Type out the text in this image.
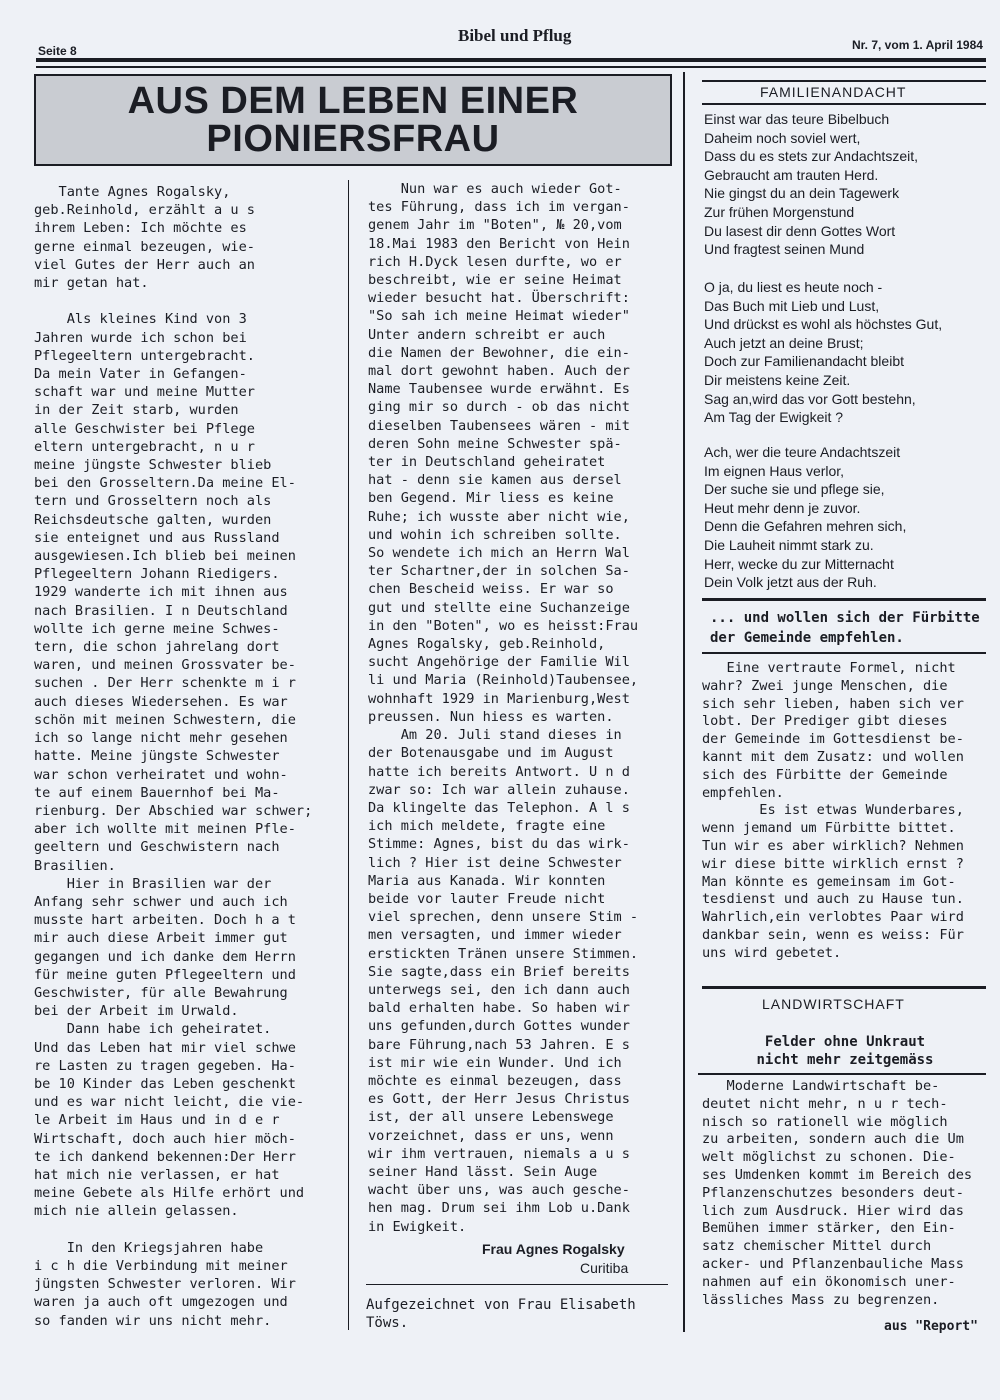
Seite 8
Bibel und Pflug	Nr. 7, vom 1. April 1984
AUS DEM LEBEN EINER
PIONIERSFRAU
Tante Agnes Rogalsky,
geb.Reinhold, erzählt a u s
ihrem Leben: Ich möchte es
gerne einmal bezeugen, wie-
viel Gutes der Herr auch an
mir getan hat.

Als kleines Kind von 3
Jahren wurde ich schon bei
Pflegeeltern untergebracht.
Da mein Vater in Gefangen-
schaft war und meine Mutter
in der Zeit starb, wurden
alle Geschwister bei Pflege
eltern untergebracht, n u r
meine jüngste Schwester blieb
bei den Grosseltern.Da meine El-
tern und Grosseltern noch als
Reichsdeutsche galten, wurden
sie enteignet und aus Russland
ausgewiesen.Ich blieb bei meinen
Pflegeeltern Johann Riedigers.
1929 wanderte ich mit ihnen aus
nach Brasilien. I n Deutschland
wollte ich gerne meine Schwes-
tern, die schon jahrelang dort
waren, und meinen Grossvater be-
suchen . Der Herr schenkte m i r
auch dieses Wiedersehen. Es war
schön mit meinen Schwestern, die
ich so lange nicht mehr gesehen
hatte. Meine jüngste Schwester
war schon verheiratet und wohn-
te auf einem Bauernhof bei Ma-
rienburg. Der Abschied war schwer;
aber ich wollte mit meinen Pfle-
geeltern und Geschwistern nach
Brasilien.
Hier in Brasilien war der
Anfang sehr schwer und auch ich
musste hart arbeiten. Doch h a t
mir auch diese Arbeit immer gut
gegangen und ich danke dem Herrn
für meine guten Pflegeeltern und
Geschwister, für alle Bewahrung
bei der Arbeit im Urwald.
Dann habe ich geheiratet.
Und das Leben hat mir viel schwe
re Lasten zu tragen gegeben. Ha-
be 10 Kinder das Leben geschenkt
und es war nicht leicht, die vie-
le Arbeit im Haus und in d e r
Wirtschaft, doch auch hier möch-
te ich dankend bekennen:Der Herr
hat mich nie verlassen, er hat
meine Gebete als Hilfe erhört und
mich nie allein gelassen.

In den Kriegsjahren habe
i c h die Verbindung mit meiner
jüngsten Schwester verloren. Wir
waren ja auch oft umgezogen und
so fanden wir uns nicht mehr.
Nun war es auch wieder Got-
tes Führung, dass ich im vergan-
genem Jahr im "Boten", № 20,vom
18.Mai 1983 den Bericht von Hein
rich H.Dyck lesen durfte, wo er
beschreibt, wie er seine Heimat
wieder besucht hat. Überschrift:
"So sah ich meine Heimat wieder"
Unter andern schreibt er auch
die Namen der Bewohner, die ein-
mal dort gewohnt haben. Auch der
Name Taubensee wurde erwähnt. Es
ging mir so durch - ob das nicht
dieselben Taubensees wären - mit
deren Sohn meine Schwester spä-
ter in Deutschland geheiratet
hat - denn sie kamen aus dersel
ben Gegend. Mir liess es keine
Ruhe; ich wusste aber nicht wie,
und wohin ich schreiben sollte.
So wendete ich mich an Herrn Wal
ter Schartner,der in solchen Sa-
chen Bescheid weiss. Er war so
gut und stellte eine Suchanzeige
in den "Boten", wo es heisst:Frau
Agnes Rogalsky, geb.Reinhold,
sucht Angehörige der Familie Wil
li und Maria (Reinhold)Taubensee,
wohnhaft 1929 in Marienburg,West
preussen. Nun hiess es warten.
Am 20. Juli stand dieses in
der Botenausgabe und im August
hatte ich bereits Antwort. U n d
zwar so: Ich war allein zuhause.
Da klingelte das Telephon. A l s
ich mich meldete, fragte eine
Stimme: Agnes, bist du das wirk-
lich ? Hier ist deine Schwester
Maria aus Kanada. Wir konnten
beide vor lauter Freude nicht
viel sprechen, denn unsere Stim -
men versagten, und immer wieder
erstickten Tränen unsere Stimmen.
Sie sagte,dass ein Brief bereits
unterwegs sei, den ich dann auch
bald erhalten habe. So haben wir
uns gefunden,durch Gottes wunder
bare Führung,nach 53 Jahren. E s
ist mir wie ein Wunder. Und ich
möchte es einmal bezeugen, dass
es Gott, der Herr Jesus Christus
ist, der all unsere Lebenswege
vorzeichnet, dass er uns, wenn
wir ihm vertrauen, niemals a u s
seiner Hand lässt. Sein Auge
wacht über uns, was auch gesche-
hen mag. Drum sei ihm Lob u.Dank
in Ewigkeit.
Frau Agnes Rogalsky
Curitiba
Aufgezeichnet von Frau Elisabeth
Töws.
FAMILIENANDACHT
Einst war das teure Bibelbuch
Daheim noch soviel wert,
Dass du es stets zur Andachtszeit,
Gebraucht am trauten Herd.
Nie gingst du an dein Tagewerk
Zur frühen Morgenstund
Du lasest dir denn Gottes Wort
Und fragtest seinen Mund
O ja, du liest es heute noch -
Das Buch mit Lieb und Lust,
Und drückst es wohl als höchstes Gut,
Auch jetzt an deine Brust;
Doch zur Familienandacht bleibt
Dir meistens keine Zeit.
Sag an,wird das vor Gott bestehn,
Am Tag der Ewigkeit ?
Ach, wer die teure Andachtszeit
Im eignen Haus verlor,
Der suche sie und pflege sie,
Heut mehr denn je zuvor.
Denn die Gefahren mehren sich,
Die Lauheit nimmt stark zu.
Herr, wecke du zur Mitternacht
Dein Volk jetzt aus der Ruh.
... und wollen sich der Fürbitte
der Gemeinde empfehlen.
Eine vertraute Formel, nicht
wahr? Zwei junge Menschen, die
sich sehr lieben, haben sich ver
lobt. Der Prediger gibt dieses
der Gemeinde im Gottesdienst be-
kannt mit dem Zusatz: und wollen
sich des Fürbitte der Gemeinde
empfehlen.
Es ist etwas Wunderbares,
wenn jemand um Fürbitte bittet.
Tun wir es aber wirklich? Nehmen
wir diese bitte wirklich ernst ?
Man könnte es gemeinsam im Got-
tesdienst und auch zu Hause tun.
Wahrlich,ein verlobtes Paar wird
dankbar sein, wenn es weiss: Für
uns wird gebetet.
LANDWIRTSCHAFT
Felder ohne Unkraut
nicht mehr zeitgemäss
Moderne Landwirtschaft be-
deutet nicht mehr, n u r tech-
nisch so rationell wie möglich
zu arbeiten, sondern auch die Um
welt möglichst zu schonen. Die-
ses Umdenken kommt im Bereich des
Pflanzenschutzes besonders deut-
lich zum Ausdruck. Hier wird das
Bemühen immer stärker, den Ein-
satz chemischer Mittel durch
acker- und Pflanzenbauliche Mass
nahmen auf ein ökonomisch uner-
lässliches Mass zu begrenzen.
aus "Report"
